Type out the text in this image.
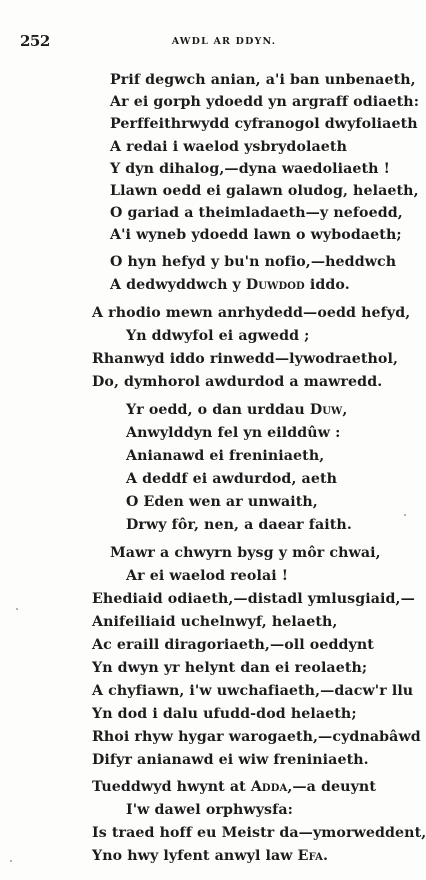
252	AWDL AR DDYN.
Prif degwch anian, a'i ban unbenaeth,
Ar ei gorph ydoedd yn argraff odiaeth:
Perffeithrwydd cyfranogol dwyfoliaeth
A redai i waelod ysbrydolaeth
Y dyn dihalog,—dyna waedoliaeth !
Llawn oedd ei galawn oludog, helaeth,
O gariad a theimladaeth—y nefoedd,
A'i wyneb ydoedd lawn o wybodaeth;
O hyn hefyd y bu'n nofio,—heddwch
A dedwyddwch y Duwdod iddo.
A rhodio mewn anrhydedd—oedd hefyd,
Yn ddwyfol ei agwedd ;
Rhanwyd iddo rinwedd—lywodraethol,
Do, dymhorol awdurdod a mawredd.
Yr oedd, o dan urddau Duw,
Anwylddyn fel yn eilddûw :
Anianawd ei freniniaeth,
A deddf ei awdurdod, aeth
O Eden wen ar unwaith,
Drwy fôr, nen, a daear faith.
Mawr a chwyrn bysg y môr chwai,
Ar ei waelod reolai !
Ehediaid odiaeth,—distadl ymlusgiaid,—
Anifeiliaid uchelnwyf, helaeth,
Ac eraill diragoriaeth,—oll oeddynt
Yn dwyn yr helynt dan ei reolaeth;
A chyfiawn, i'w uwchafiaeth,—dacw'r llu
Yn dod i dalu ufudd-dod helaeth;
Rhoi rhyw hygar warogaeth,—cydnabâwd
Difyr anianawd ei wiw freniniaeth.
Tueddwyd hwynt at Adda,—a deuynt
I'w dawel orphwysfa:
Is traed hoff eu Meistr da—ymorweddent,
Yno hwy lyfent anwyl law Efa.
